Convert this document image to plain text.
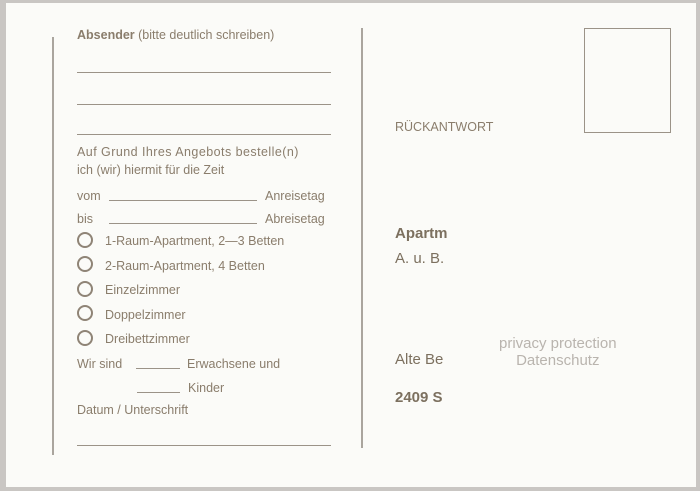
Absender (bitte deutlich schreiben)
Auf Grund Ihres Angebots bestelle(n)
ich (wir) hiermit für die Zeit
vom	Anreisetag
bis	Abreisetag
1-Raum-Apartment, 2—3 Betten
2-Raum-Apartment, 4 Betten
Einzelzimmer
Doppelzimmer
Dreibettzimmer
Wir sind	Erwachsene und
Kinder
Datum / Unterschrift
RÜCKANTWORT
Apartm
A. u. B.
Alte Be
2409 S
privacy protection
Datenschutz
